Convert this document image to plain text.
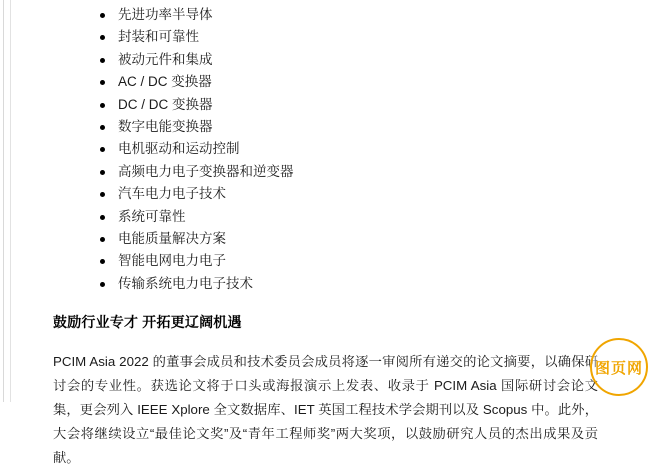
先进功率半导体
封装和可靠性
被动元件和集成
AC / DC 变换器
DC / DC 变换器
数字电能变换器
电机驱动和运动控制
高频电力电子变换器和逆变器
汽车电力电子技术
系统可靠性
电能质量解决方案
智能电网电力电子
传输系统电力电子技术
鼓励行业专才 开拓更辽阔机遇
PCIM Asia 2022 的董事会成员和技术委员会成员将逐一审阅所有递交的论文摘要，以确保研讨会的专业性。获选论文将于口头或海报演示上发表、收录于 PCIM Asia 国际研讨会论文集，更会列入 IEEE Xplore 全文数据库、IET 英国工程技术学会期刊以及 Scopus 中。此外，大会将继续设立“最佳论文奖”及“青年工程师奖”两大奖项，以鼓励研究人员的杰出成果及贡献。
图页网
